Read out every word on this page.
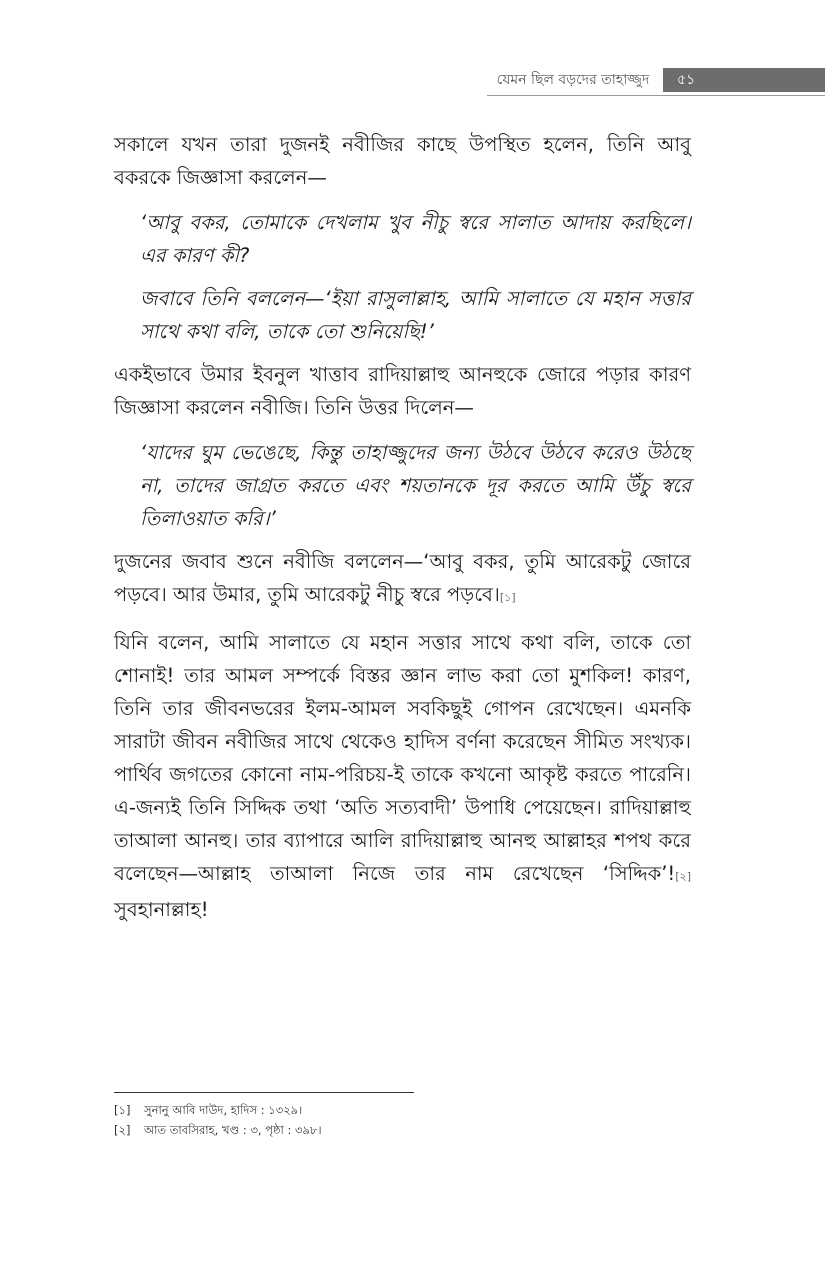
যেমন ছিল বড়দের তাহাজ্জুদ	৫১

সকালে যখন তারা দুজনই নবীজির কাছে উপস্থিত হলেন, তিনি আবু বকরকে জিজ্ঞাসা করলেন—

‘আবু বকর, তোমাকে দেখলাম খুব নীচু স্বরে সালাত আদায় করছিলে। এর কারণ কী?

জবাবে তিনি বললেন—‘ইয়া রাসুলাল্লাহ, আমি সালাতে যে মহান সত্তার সাথে কথা বলি, তাকে তো শুনিয়েছি!’

একইভাবে উমার ইবনুল খাত্তাব রাদিয়াল্লাহু আনহুকে জোরে পড়ার কারণ জিজ্ঞাসা করলেন নবীজি। তিনি উত্তর দিলেন—

‘যাদের ঘুম ভেঙেছে, কিন্তু তাহাজ্জুদের জন্য উঠবে উঠবে করেও উঠছে না, তাদের জাগ্রত করতে এবং শয়তানকে দূর করতে আমি উঁচু স্বরে তিলাওয়াত করি।’

দুজনের জবাব শুনে নবীজি বললেন—‘আবু বকর, তুমি আরেকটু জোরে পড়বে। আর উমার, তুমি আরেকটু নীচু স্বরে পড়বে।[১]

যিনি বলেন, আমি সালাতে যে মহান সত্তার সাথে কথা বলি, তাকে তো শোনাই! তার আমল সম্পর্কে বিস্তর জ্ঞান লাভ করা তো মুশকিল! কারণ, তিনি তার জীবনভরের ইলম-আমল সবকিছুই গোপন রেখেছেন। এমনকি সারাটা জীবন নবীজির সাথে থেকেও হাদিস বর্ণনা করেছেন সীমিত সংখ্যক। পার্থিব জগতের কোনো নাম-পরিচয়-ই তাকে কখনো আকৃষ্ট করতে পারেনি। এ-জন্যই তিনি সিদ্দিক তথা ‘অতি সত্যবাদী’ উপাধি পেয়েছেন। রাদিয়াল্লাহু তাআলা আনহু। তার ব্যাপারে আলি রাদিয়াল্লাহু আনহু আল্লাহর শপথ করে বলেছেন—আল্লাহ তাআলা নিজে তার নাম রেখেছেন ‘সিদ্দিক’![২] সুবহানাল্লাহ!

[১] সুনানু আবি দাউদ, হাদিস : ১৩২৯।
[২] আত তাবসিরাহ, খণ্ড : ৩, পৃষ্ঠা : ৩৯৮।
